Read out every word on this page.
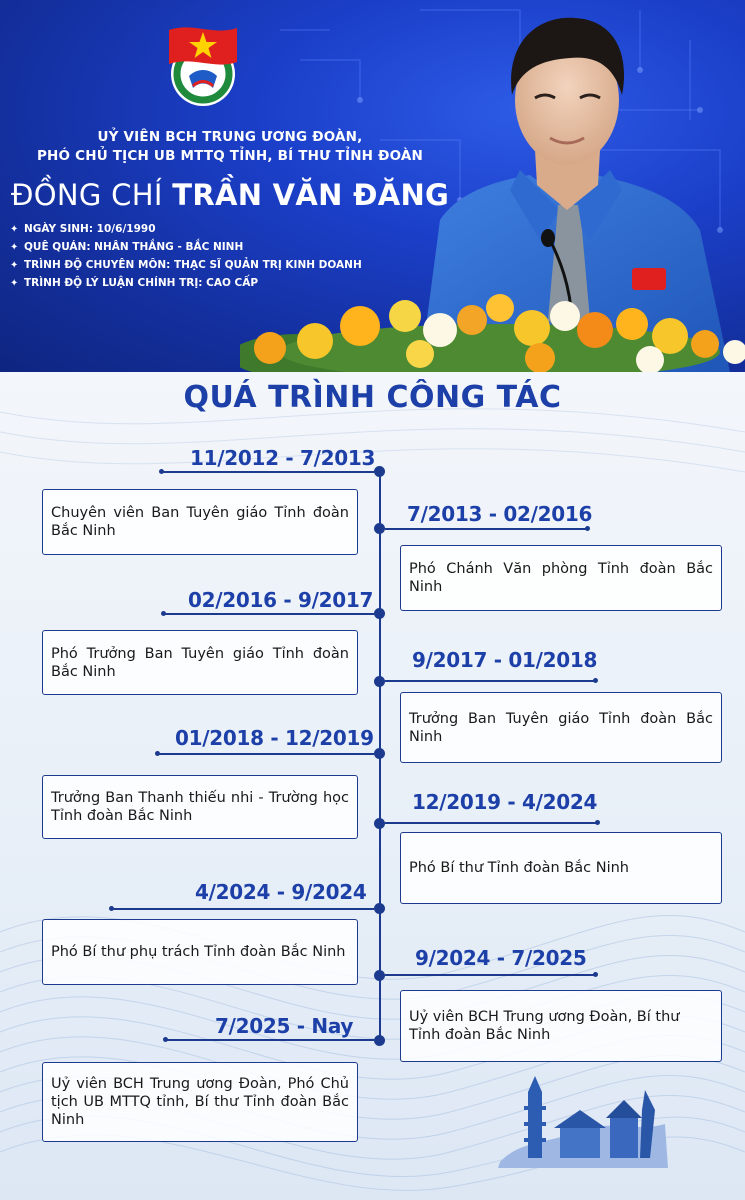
UỶ VIÊN BCH TRUNG ƯƠNG ĐOÀN,
PHÓ CHỦ TỊCH UB MTTQ TỈNH, BÍ THƯ TỈNH ĐOÀN
ĐỒNG CHÍ TRẦN VĂN ĐĂNG
✦ NGÀY SINH: 10/6/1990
✦ QUÊ QUÁN: NHÂN THẮNG - BẮC NINH
✦ TRÌNH ĐỘ CHUYÊN MÔN: THẠC SĨ QUẢN TRỊ KINH DOANH
✦ TRÌNH ĐỘ LÝ LUẬN CHÍNH TRỊ: CAO CẤP
QUÁ TRÌNH CÔNG TÁC
11/2012 - 7/2013
7/2013 - 02/2016
02/2016 - 9/2017
9/2017 - 01/2018
01/2018 - 12/2019
12/2019 - 4/2024
4/2024 - 9/2024
9/2024 - 7/2025
7/2025 - Nay
Chuyên viên Ban Tuyên giáo Tỉnh đoàn Bắc Ninh
Phó Chánh Văn phòng Tỉnh đoàn Bắc Ninh
Phó Trưởng Ban Tuyên giáo Tỉnh đoàn Bắc Ninh
Trưởng Ban Tuyên giáo Tỉnh đoàn Bắc Ninh
Trưởng Ban Thanh thiếu nhi - Trường học Tỉnh đoàn Bắc Ninh
Phó Bí thư Tỉnh đoàn Bắc Ninh
Phó Bí thư phụ trách Tỉnh đoàn Bắc Ninh
Uỷ viên BCH Trung ương Đoàn, Bí thư Tỉnh đoàn Bắc Ninh
Uỷ viên BCH Trung ương Đoàn, Phó Chủ tịch UB MTTQ tỉnh, Bí thư Tỉnh đoàn Bắc Ninh
